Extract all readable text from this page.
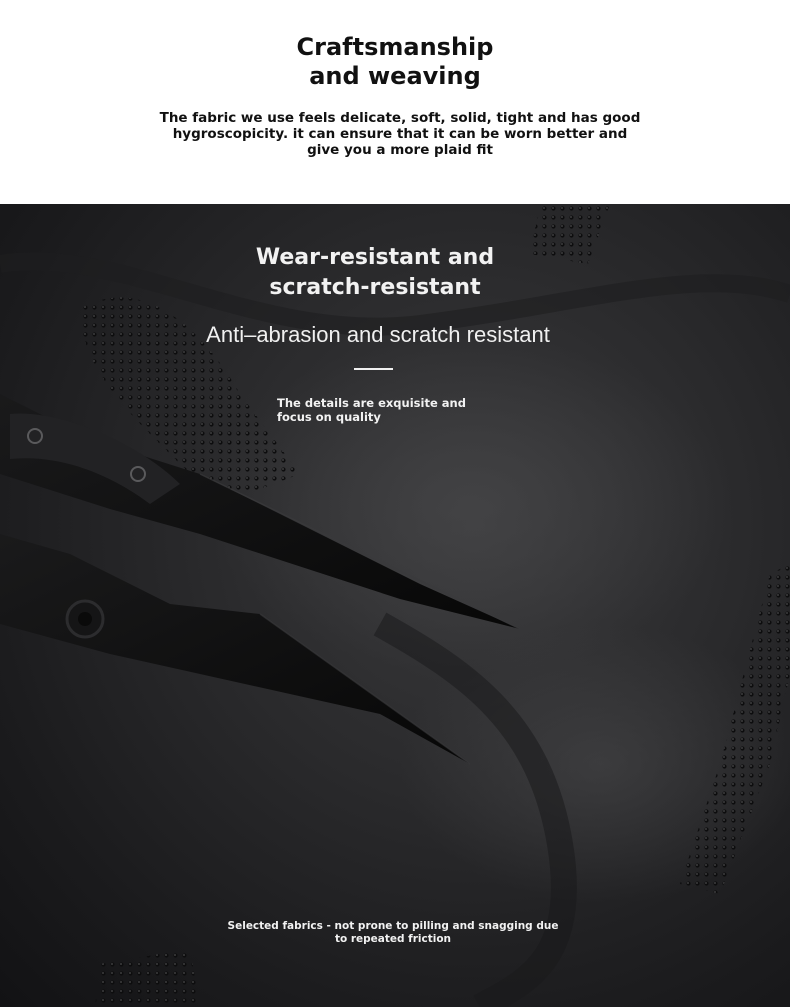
Craftsmanship
and weaving
The fabric we use feels delicate, soft, solid, tight and has good hygroscopicity. it can ensure that it can be worn better and give you a more plaid fit
Wear-resistant and
scratch-resistant
Anti–abrasion and scratch resistant
The details are exquisite and focus on quality
Selected fabrics - not prone to pilling and snagging due to repeated friction
